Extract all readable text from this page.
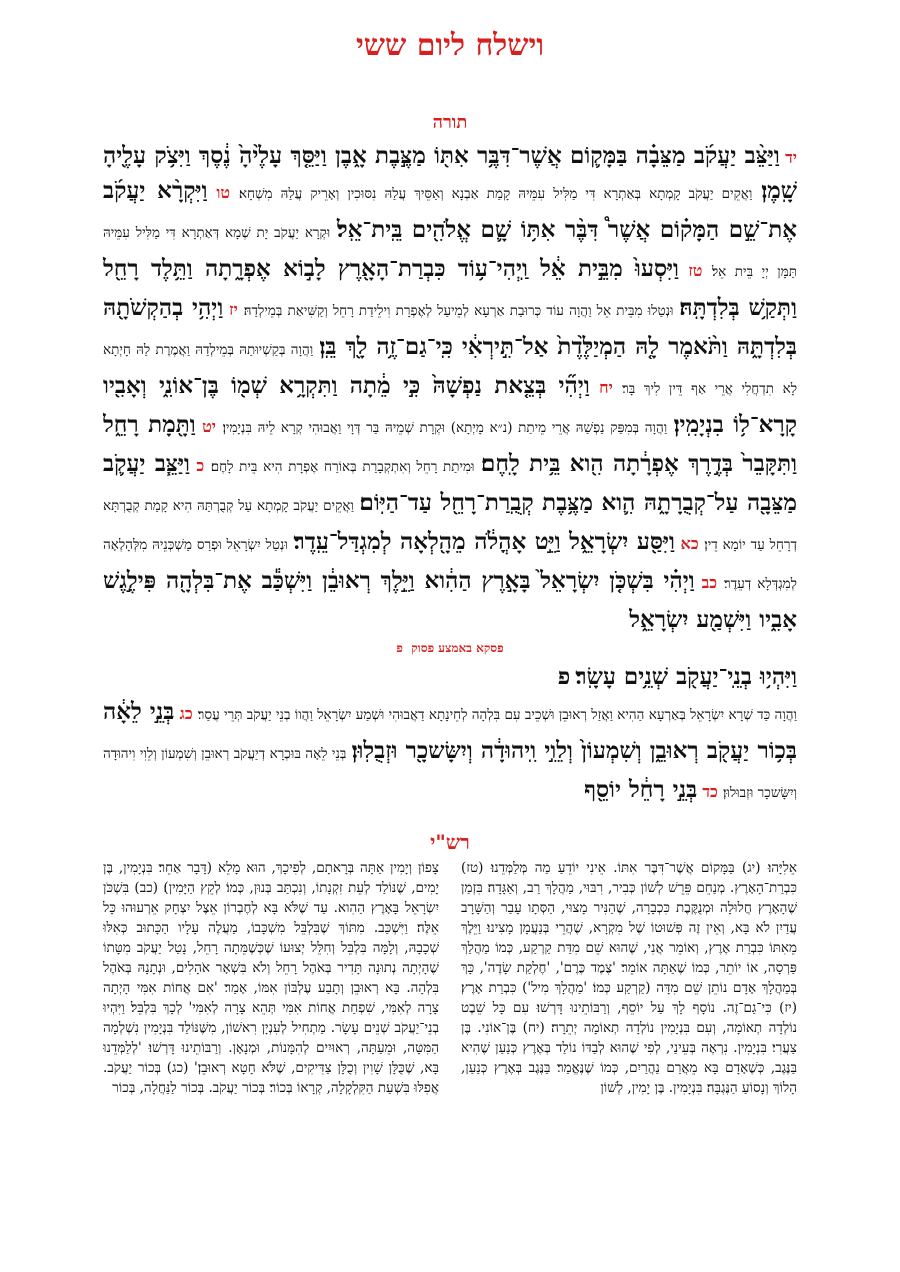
וישלח ליום ששי
תורה
יד וַיַּצֵּ֨ב יַעֲקֹ֜ב מַצֵּבָ֗ה בַּמָּק֛וֹם אֲשֶׁר־דִּבֶּ֥ר אִתּ֖וֹ מַצֶּ֣בֶת אָ֑בֶן וַיַּסֵּ֤ךְ עָלֶ֙יהָ֙ נֶ֔סֶךְ וַיִּצֹ֥ק עָלֶ֖יהָ שָֽׁמֶן׃ וַאֲקֵים יַעֲקֹב קָמְתָא בְּאַתְרָא דִּי מַלִּיל עִמֵּיהּ קָמַת אַבְנָא וְאַסֵּיךְ עֲלַהּ נִסּוּכִין וְאָרֵיק עֲלַהּ מִשְׁחָא׃ טו וַיִּקְרָ֨א יַעֲקֹ֜ב אֶת־שֵׁ֣ם הַמָּק֗וֹם אֲשֶׁר֩ דִּבֶּ֨ר אִתּ֥וֹ שָׁ֛ם אֱלֹהִ֖ים בֵּֽית־אֵֽל׃ וּקְרָא יַעֲקֹב יָת שְׁמָא דְּאַתְרָא דִּי מַלִּיל עִמֵּיהּ תַּמָּן יְיָ בֵּית אֵל׃ טז וַיִּסְעוּ֙ מִבֵּ֣ית אֵ֔ל וַֽיְהִי־ע֥וֹד כִּבְרַת־הָאָ֖רֶץ לָב֣וֹא אֶפְרָ֑תָה וַתֵּ֥לֶד רָחֵ֖ל וַתְּקַ֥שׁ בְּלִדְתָּֽהּ׃ וּנְטַלוּ מִבֵּית אֵל וַהֲוָה עוֹד כְּרוּבַת אַרְעָא לְמֵיעַל לְאֶפְרָת וִילֵידַת רָחֵל וְקַשִּׁיאַת בְּמֵילְדַהּ׃ יז וַיְהִ֥י בְהַקְשֹׁתָ֖הּ בְּלִדְתָּ֑הּ וַתֹּ֨אמֶר לָ֤הּ הַמְיַלֶּ֙דֶת֙ אַל־תִּ֣ירְאִ֔י כִּֽי־גַם־זֶ֥ה לָ֖ךְ בֵּֽן׃ וַהֲוָה בְּקַשְׁיוּתַהּ בְּמֵילְדַהּ וַאֲמֶרֶת לַהּ חָיְתָא לָא תִדְחֲלִי אֲרֵי אַף דֵּין לִיךְ בָּר׃ יח וַיְהִ֞י בְּצֵ֤את נַפְשָׁהּ֙ כִּ֣י מֵ֔תָה וַתִּקְרָ֥א שְׁמ֖וֹ בֶּן־אוֹנִ֑י וְאָבִ֖יו קָֽרָא־ל֥וֹ בִנְיָמִֽין׃ וַהֲוָה בְּמִפַּק נַפְשַׁהּ אֲרֵי מֵיתַת (נ״א מָיְתָא) וּקְרָת שְׁמֵיהּ בַּר דְּוָי וַאֲבוּהִי קְרָא לֵיהּ בִּנְיָמִין׃ יט וַתָּ֖מָת רָחֵ֑ל וַתִּקָּבֵר֙ בְּדֶ֣רֶךְ אֶפְרָ֔תָה הִ֖וא בֵּ֥ית לָֽחֶם׃ וּמִיתַת רָחֵל וְאִתְקְבָרַת בְּאוֹרַח אֶפְרָת הִיא בֵּית לָחֶם׃ כ וַיַּצֵּ֧ב יַעֲקֹ֛ב מַצֵּבָ֖ה עַל־קְבֻרָתָ֑הּ הִ֛וא מַצֶּ֥בֶת קְבֻֽרַת־רָחֵ֖ל עַד־הַיּֽוֹם׃ וַאֲקֵים יַעֲקֹב קָמְתָא עַל קְבֻרְתַּהּ הִיא קָמַת קְבֻרְתָּא דְרָחֵל עַד יוֹמָא דֵין׃ כא וַיִּסַּ֖ע יִשְׂרָאֵ֑ל וַיֵּ֣ט אָהֳלֹ֔ה מֵהָ֖לְאָה לְמִגְדַּל־עֵֽדֶר׃ וּנְטַל יִשְׂרָאֵל וּפְרַס מַשְׁכְּנֵיהּ מִלְּהָלְאָה לְמִגְדְּלָא דְעֵדֶר׃ כב וַיְהִ֗י בִּשְׁכֹּ֤ן יִשְׂרָאֵל֙ בָּאָ֣רֶץ הַהִ֔וא וַיֵּ֣לֶךְ רְאוּבֵ֔ן וַיִּשְׁכַּ֕ב אֶת־בִּלְהָ֖ה פִּילֶ֣גֶשׁ אָבִ֑יו וַיִּשְׁמַ֖ע יִשְׂרָאֵ֑ל
פסקא באמצע פסוק  פ
וַיִּהְי֥וּ בְנֵֽי־יַעֲקֹ֖ב שְׁנֵ֥ים עָשָֽׂר׃ פ
וַהֲוָה כַּד שְׁרָא יִשְׂרָאֵל בְּאַרְעָא הַהִיא וַאֲזַל רְאוּבֵן וּשְׁכֵיב עִם בִּלְהָה לְחֵינָתָא דַאֲבוּהִי וּשְׁמַע יִשְׂרָאֵל וַהֲווֹ בְנֵי יַעֲקֹב תְּרֵי עֲסַר׃ כג בְּנֵ֣י לֵאָ֔ה בְּכ֥וֹר יַעֲקֹ֖ב רְאוּבֵ֑ן וְשִׁמְעוֹן֙ וְלֵוִ֣י וִֽיהוּדָ֔ה וְיִשָּׂשכָ֖ר וּזְבֻלֽוּן׃ בְּנֵי לֵאָה בּוּכְרָא דְיַעֲקֹב רְאוּבֵן וְשִׁמְעוֹן וְלֵוִי וִיהוּדָה וְיִשָּׂשכָר וּזְבוּלוּן׃ כד בְּנֵ֣י רָחֵ֔ל יוֹסֵ֖ף
רש"י
אֵלִיָּהוּ׃ (יג) בַּמָּקוֹם אֲשֶׁר־דִּבֶּר אִתּוֹ. אֵינִי יוֹדֵעַ מַה מְּלַמְּדֵנוּ׃ (טז) כִּבְרַת־הָאָרֶץ. מְנַחֵם פֵּרֵשׁ לְשׁוֹן כְּבִיר, רִבּוּי, מַהֲלָךְ רַב, וְאַגָּדָה׃ בִּזְמַן שֶׁהָאָרֶץ חֲלוּלָה וּמְנֻקֶּבֶת כִּכְבָרָה, שֶׁהַנִּיר מָצוּי, הַסְּתָו עָבַר וְהַשָּׁרָב עֲדַיִן לֹא בָּא, וְאֵין זֶה פְּשׁוּטוֹ שֶׁל מִקְרָא, שֶׁהֲרֵי בְּנַעֲמָן מָצִינוּ׃ וַיֵּלֶךְ מֵאִתּוֹ כִּבְרַת אֶרֶץ, וְאוֹמֵר אֲנִי, שֶׁהוּא שֵׁם מִדַּת קַרְקַע, כְּמוֹ מַהֲלַךְ פַּרְסָה, אוֹ יוֹתֵר, כְּמוֹ שֶׁאַתָּה אוֹמֵר׃ 'צֶמֶד כֶּרֶם', 'חֶלְקַת שָׂדֶה', כָּךְ בְּמַהֲלָךְ אָדָם נוֹתֵן שֵׁם מִדָּה (קַרְקַע כְּמוֹ׃ 'מַהֲלָךְ מִיל') כִּבְרַת אָרֶץ׃ (יז) כִּי־גַם־זֶה. נוֹסָף לָךְ עַל יוֹסֵף, וְרַבּוֹתֵינוּ דָּרְשׁוּ׃ עִם כָּל שֵׁבֶט נוֹלְדָה תְאוֹמָה, וְעִם בִּנְיָמִין נוֹלְדָה תְאוֹמָה יְתֵרָה׃ (יח) בֶּן־אוֹנִי. בֶּן צַעֲרִי׃ בִּנְיָמִין. נִרְאֶה בְּעֵינַי, לְפִי שֶׁהוּא לְבַדּוֹ נוֹלַד בְּאֶרֶץ כְּנַעַן שֶׁהִיא בַּנֶּגֶב, כְּשֶׁאָדָם בָּא מֵאֲרַם נַהֲרַיִם, כְּמוֹ שֶׁנֶּאֱמַר׃ בַּנֶּגֶב בְּאֶרֶץ כְּנַעַן, הָלוֹךְ וְנָסוֹעַ הַנֶּגְבָּה׃ בִּנְיָמִין. בֶּן יָמִין, לְשׁוֹן
צָפוֹן וְיָמִין אַתָּה בְּרָאתָם, לְפִיכָךְ, הוּא מָלֵא (דָּבָר אַחֵר׃ בִּנְיָמִין, בֶּן יָמִים, שֶׁנּוֹלַד לְעֵת זִקְנָתוֹ, וְנִכְתַּב בְּנוּן, כְּמוֹ׃ לְקֵץ הַיָּמִין)׃ (כב) בִּשְׁכֹּן יִשְׂרָאֵל בָּאָרֶץ הַהִוא. עַד שֶׁלֹּא בָּא לְחֶבְרוֹן אֵצֶל יִצְחָק אֵרְעוּהוּ כָּל אֵלֶּה׃ וַיִּשְׁכַּב. מִתּוֹךְ שֶׁבִּלְבֵּל מִשְׁכָּבוֹ, מַעֲלֶה עָלָיו הַכָּתוּב כְּאִלּוּ שְׁכָבָהּ, וְלָמָּה בִּלְבֵּל וְחִלֵּל יְצוּעוֹ שֶׁכְּשֶׁמֵּתָה רָחֵל, נָטַל יַעֲקֹב מִטָּתוֹ שֶׁהָיְתָה נְתוּנָה תָּדִיר בְּאֹהֶל רָחֵל וְלֹא בִּשְׁאָר אֹהָלִים, וּנְתָנָהּ בְּאֹהֶל בִּלְהָה. בָּא רְאוּבֵן וְתָבַע עֶלְבּוֹן אִמּוֹ, אָמַר׃ 'אִם אֲחוֹת אִמִּי הָיְתָה צָרָה לְאִמִּי, שִׁפְחַת אֲחוֹת אִמִּי תְּהֵא צָרָה לְאִמִּי' לְכָךְ בִּלְבֵּל׃ וַיִּהְיוּ בְנֵי־יַעֲקֹב שְׁנֵים עָשָׂר. מַתְחִיל לְעִנְיָן רִאשׁוֹן, מִשֶּׁנּוֹלַד בִּנְיָמִין נִשְׁלְמָה הַמִּטָּה, וּמֵעַתָּה, רְאוּיִים לְהִמָּנוֹת, וּמְנָאָן. וְרַבּוֹתֵינוּ דָּרְשׁוּ׃ 'לְלַמְּדֵנוּ בָּא, שֶׁכֻּלָּן שָׁוִין וְכֻלָּן צַדִּיקִים, שֶׁלֹּא חָטָא רְאוּבֵן׃' (כג) בְּכוֹר יַעֲקֹב. אֲפִלּוּ בִּשְׁעַת הַקִּלְקָלָה, קְרָאוֹ בְּכוֹר׃ בְּכוֹר יַעֲקֹב. בְּכוֹר לַנַּחֲלָה, בְּכוֹר
